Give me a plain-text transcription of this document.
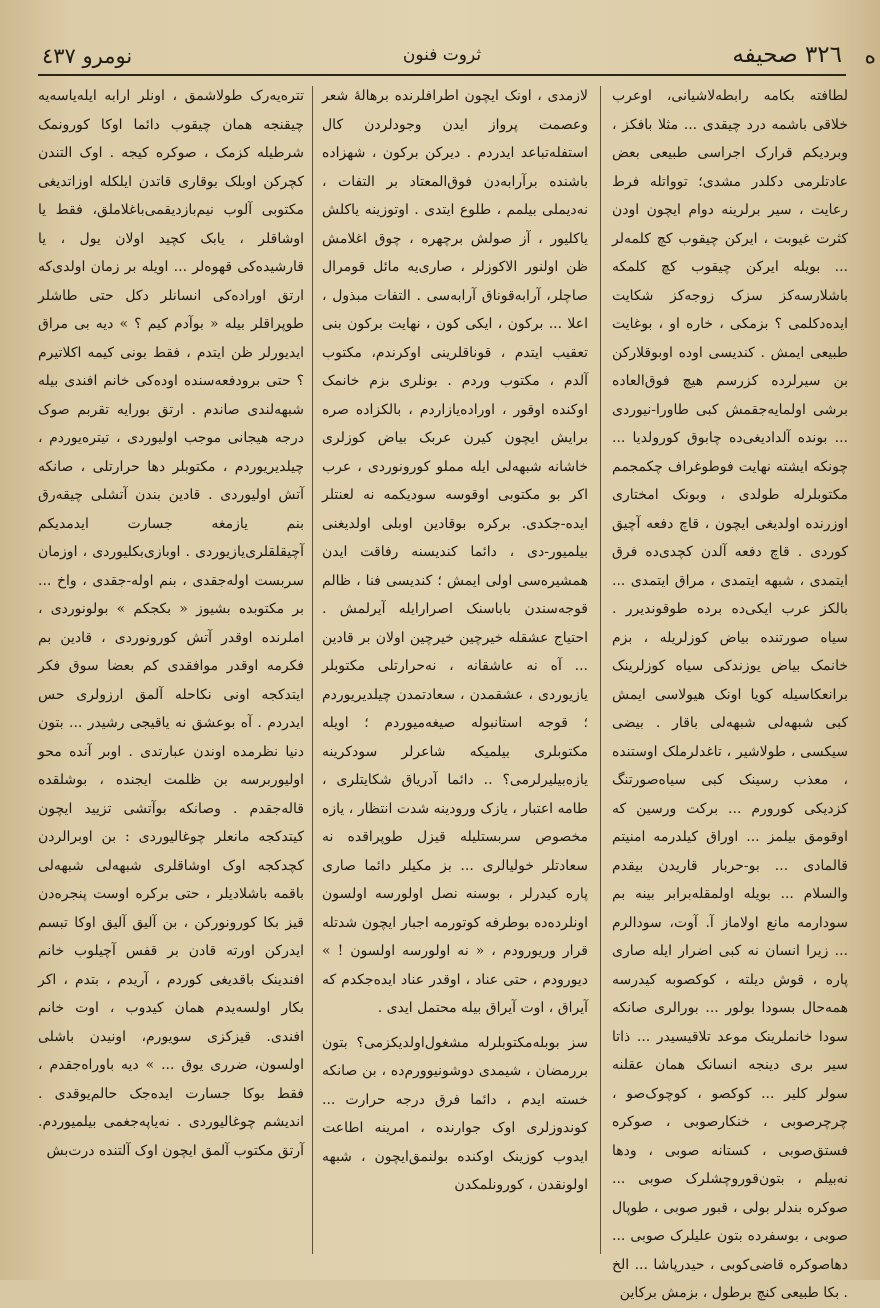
٣٢٦ صحيفه
ثروت فنون
نومرو ٤٣٧	ه

لطافته بکامه رابطه‌لاشیانی، اوعرب خلاقی باشمه درد چیقدی ... مثلا بافکز ، وبردیکم قرارک اجراسی طبیعی بعض عادتلرمی دکلدر مشدی؛ توواتله فرط رعایت ، سیر برلرینه دوام ایچون اودن کثرت غیوبت ، ایرکن چیقوب کچ کلمه‌لر ... بویله ایرکن چیقوب کچ کلمکه باشلارسه‌کز سزک زوجه‌کز شکایت ایده‌دکلمی ؟ بزمکی ، خاره او ، بوغایت طبیعی ایمش . کندیسی اوده اوبوقلارکن بن سیرلرده کزرسم هیچ فوق‌العاده برشی اولمایه‌جقمش کبی طاورا-نیوردی ... بونده آلدادیغی‌ده چابوق کورولدیا ... چونکه ایشته نهایت فوطوغراف چکمجمم مکتوبلرله طولدی ، وبونک امختاری اوزرنده اولدیغی ایچون ، قاچ دفعه آچیق کوردی . قاچ دفعه آلدن کچدی‌ده فرق ایتمدی ، شبهه ایتمدی ، مراق ایتمدی ... بالکز عرب ایکی‌ده برده طوقوندیرر . سیاه صورتنده بیاض کوزلریله ، بزم خانمک بیاض یوزندکی سیاه کوزلرینک برانعکاسیله کویا اونک هیولاسی ایمش کبی شبهه‌لی شبهه‌لی باقار . بیضی سیکسی ، طولاشیر ، تاغدلرملک اوستنده ، معذب رسینک کبی سیاه‌صورتنگ کزدیکی کورورم ... برکت ورسین که اوقومق بیلمز ... اوراق کیلدرمه امنیتم قالمادی ... بو-حربار قاریدن بیقدم والسلام ... بویله اولمقله‌برابر بینه بم سودارمه مانع اولاماز آ. آوت، سودالرم ... زیرا انسان نه کبی اضرار ایله صاری پاره ، قوش دیلته ، کوکصوبه کیدرسه همه‌حال بسودا بولور ... بورالری صانکه سودا خانملرینک موعد تلاقیسیدر ... ذاتا سیر بری دینجه انسانک همان عقلنه سولر کلیر ... کوکصو ، کوچوک‌صو ، چرچرصوبی ، خنکارصوبی ، صوکره فستق‌صوبی ، کستانه صوبی ، ودها نه‌بیلم ، بتون‌قورو‌چشلرک صوبی ... صوکره بندلر بولی ، قبور صوبی ، طوپال صوبی ، بوسفرده بتون علیلرک صوبی ... دها‌صوکره قاضی‌کوبی ، حیدرپاشا ... الخ . بکا طبیعی کنچ برطول ، بزمش برکاین

لازمدی ، اونک ایچون اطرافلرنده برهالهٔ شعر وعصمت پرواز ایدن وجودلردن کال استفله‌تباعد ایدردم . دیرکن برکون ، شهزاده باشنده برآرابه‌دن فوق‌المعتاد بر التفات ، نه‌دیملی بیلمم ، طلوع ایتدی . اوتوزینه یاکلش یاکلیور ، آز صولش برچهره ، چوق اغلامش ظن اولنور الاکوزلر ، صاری‌یه مائل قومرال صاچلر، آرابه‌قوناق آرابه‌سی . التفات مبذول ، اعلا ... برکون ، ایکی کون ، نهایت برکون بنی تعقیب ایتدم ، قونا‌قلرینی اوکرندم، مکتوب آلدم ، مکتوب وردم . بونلری بزم خانمک اوکنده اوقور ، اوراده‌یازاردم ، بالکزاده صره برایش ایچون کیرن عربک بیاض کوزلری خاشانه شبهه‌لی ایله مملو کورونوردی ، عرب اکر بو مکتوبی اوقوسه سودیکمه نه لعنتلر ایده-جکدی. برکره بوقادین اوبلی اولدیغنی بیلمیور-دی ، دائما کندیسنه رفاقت ایدن همشیره‌سی اولی ایمش ؛ کندیسی فنا ، ظالم قوجه‌سندن باباسنک اصرارایله آیرلمش . احتیاج عشقله خیرچین خیرچین اولان بر قادین ... آه نه عاشقانه ، نه‌حرارتلی مکتوبلر یازیوردی ، عشقمدن ، سعادتمدن چیلدیریوردم ؛ قوجه استانبوله صیغه‌میوردم ؛ اویله مکتوبلری بیلمیکه شاعرلر سودکرینه یازه‌بیلیرلرمی؟ .. دائما آدریاق شکایتلری ، طامه اعتبار ، یازک ورودینه شدت انتظار ، یازه مخصوص سربستلیله قیزل طوپراقده نه سعادتلر خولیالری ... بز مکیلر دائما صاری پاره کیدرلر ، بوسنه نصل اولورسه اولسون اونلرده‌ده بوطرفه کوتورمه اجبار ایچون شدتله قرار وریورودم ، « نه اولورسه اولسون ! » دیورودم ، حتی عناد ، اوقدر عناد ایده‌جکدم که آیراق ، اوت آیراق بیله محتمل ایدی .

سز بوبله‌مکتوبلرله مشغول‌اولدیکزمی؟ بتون بررمضان ، شیمدی دوشونیوورم‌ده ، بن صانکه خسته ایدم ، دائما فرق درجه حرارت ... کوندوزلری اوک جوارنده ، امرینه اطاعت ایدوب کوزینک اوکنده بولنمق‌ایچون ، شبهه اولونقدن ، کورونلمکدن

تتره‌یه‌رک طولاشمق ، اونلر ارابه ایله‌یاسه‌یه چیقنجه همان چیقوب دائما اوکا کورونمک شرطیله کزمک ، صوکره کیجه . اوک التندن کچرکن اوبلک بوقاری قاتدن ایلکله اوزاتدیغی مکتوبی آلوب نیم‌بازدیقمی‌باغلاملق، فقط یا اوشاقلر ، یابک کچید اولان یول ، یا قارشیده‌کی قهوه‌لر ... اویله بر زمان اولدی‌که ارتق اوراده‌کی انسانلر دکل حتی طاشلر طوپراقلر بیله « بوآدم کیم ؟ » دیه بی مراق ایدیورلر ظن ایتدم ، فقط بونی کیمه اکلاتیرم ؟ حتی برودفعه‌سنده اوده‌کی خانم افندی بیله شبهه‌لندی صاندم . ارتق بورایه تقربم صوک درجه هیجانی موجب اولیوردی ، تیتره‌یوردم ، چیلدیریوردم ، مکتوبلر دها حرارتلی ، صانکه آتش اولیوردی . قادین بندن آتشلی چیقه‌رق بنم یازمغه جسارت ایدمدیکم آچیقلقلری‌یازیوردی . اوبازی‌بکلیوردی ، اوزمان سربست اوله‌جقدی ، بنم اوله-جقدی ، واخ ... بر مکتوبده بشیوز « بکجکم » بولونوردی ، املرنده اوقدر آتش کورونوردی ، قادین بم فکرمه اوقدر موافقدی کم بعضا سوق فکر ایتدکجه اونی نکاحله آلمق ارزولری حس ایدردم . آه بوعشق نه یاقیجی رشیدر ... بتون دنیا نظرمده اوندن عبارتدی . اوبر آنده محو اولیوربرسه بن ظلمت ایجنده ، بوشلقده قاله‌جقدم . وصانکه بوآتشی تزیید ایچون کیتدکجه مانعلر چوغالیوردی : بن اوبرالردن کچدکجه اوک اوشاقلری شبهه‌لی شبهه‌لی باقمه باشلادیلر ، حتی برکره اوست پنجره‌دن قیز بکا کورونورکن ، بن آلیق آلیق اوکا تبسم ایدرکن اورته قادن بر قفس آچیلوب خانم افندینک باقدیغی کوردم ، آریدم ، بتدم ، اکر بکار اولسه‌یدم همان کیدوب ، اوت خانم افندی. قیزکزی سویورم، اونیدن باشلی اولسون، ضرری یوق ... » دیه باوراه‌جقدم ، فقط بوکا جسارت ایده‌جک حالم‌یوقدی . اندیشم چوغالیوردی . نه‌یاپه‌جغمی بیلمیوردم. آرتق مکتوب آلمق ایچون اوک آلتنده درت‌بش
